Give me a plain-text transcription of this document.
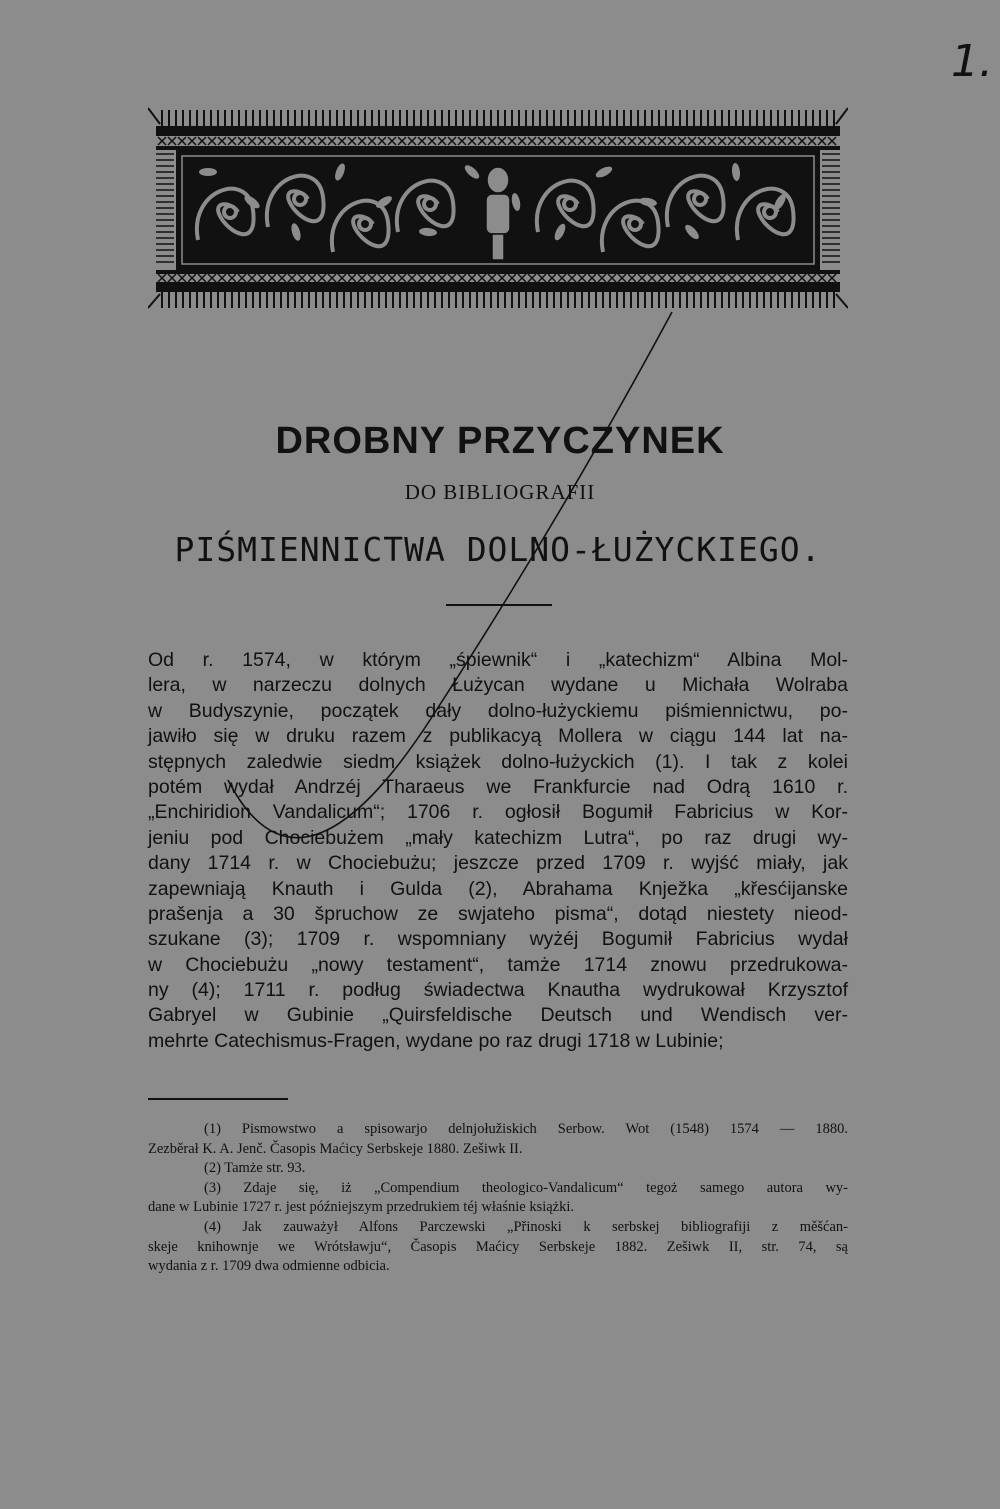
1.
DROBNY PRZYCZYNEK
DO BIBLIOGRAFII
PIŚMIENNICTWA DOLNO-ŁUŻYCKIEGO.
Od r. 1574, w którym „śpiewnik“ i „katechizm“ Albina Mol-
lera, w narzeczu dolnych Łużycan wydane u Michała Wolraba
w Budyszynie, początek dały dolno-łużyckiemu piśmiennictwu, po-
jawiło się w druku razem z publikacyą Mollera w ciągu 144 lat na-
stępnych zaledwie siedm książek dolno-łużyckich (1). I tak z kolei
potém wydał Andrzéj Tharaeus we Frankfurcie nad Odrą 1610 r.
„Enchiridion Vandalicum“; 1706 r. ogłosił Bogumił Fabricius w Kor-
jeniu pod Chociebużem „mały katechizm Lutra“, po raz drugi wy-
dany 1714 r. w Chociebużu; jeszcze przed 1709 r. wyjść miały, jak
zapewniają Knauth i Gulda (2), Abrahama Knježka „křesćijanske
prašenja a 30 špruchow ze swjateho pisma“, dotąd niestety nieod-
szukane (3); 1709 r. wspomniany wyżéj Bogumił Fabricius wydał
w Chociebużu „nowy testament“, tamże 1714 znowu przedrukowa-
ny (4); 1711 r. podług świadectwa Knautha wydrukował Krzysztof
Gabryel w Gubinie „Quirsfeldische Deutsch und Wendisch ver-
mehrte Catechismus-Fragen, wydane po raz drugi 1718 w Lubinie;
(1) Pismowstwo a spisowarjo delnjołužiskich Serbow. Wot (1548) 1574 — 1880.
Zezběrał K. A. Jenč. Časopis Maćicy Serbskeje 1880. Zešiwk II.
(2) Tamże str. 93.
(3) Zdaje się, iż „Compendium theologico-Vandalicum“ tegoż samego autora wy-
dane w Lubinie 1727 r. jest późniejszym przedrukiem téj właśnie książki.
(4) Jak zauważył Alfons Parczewski „Přinoski k serbskej bibliografiji z měšćan-
skeje knihownje we Wrótsławju“, Časopis Maćicy Serbskeje 1882. Zešiwk II, str. 74, są
wydania z r. 1709 dwa odmienne odbicia.
